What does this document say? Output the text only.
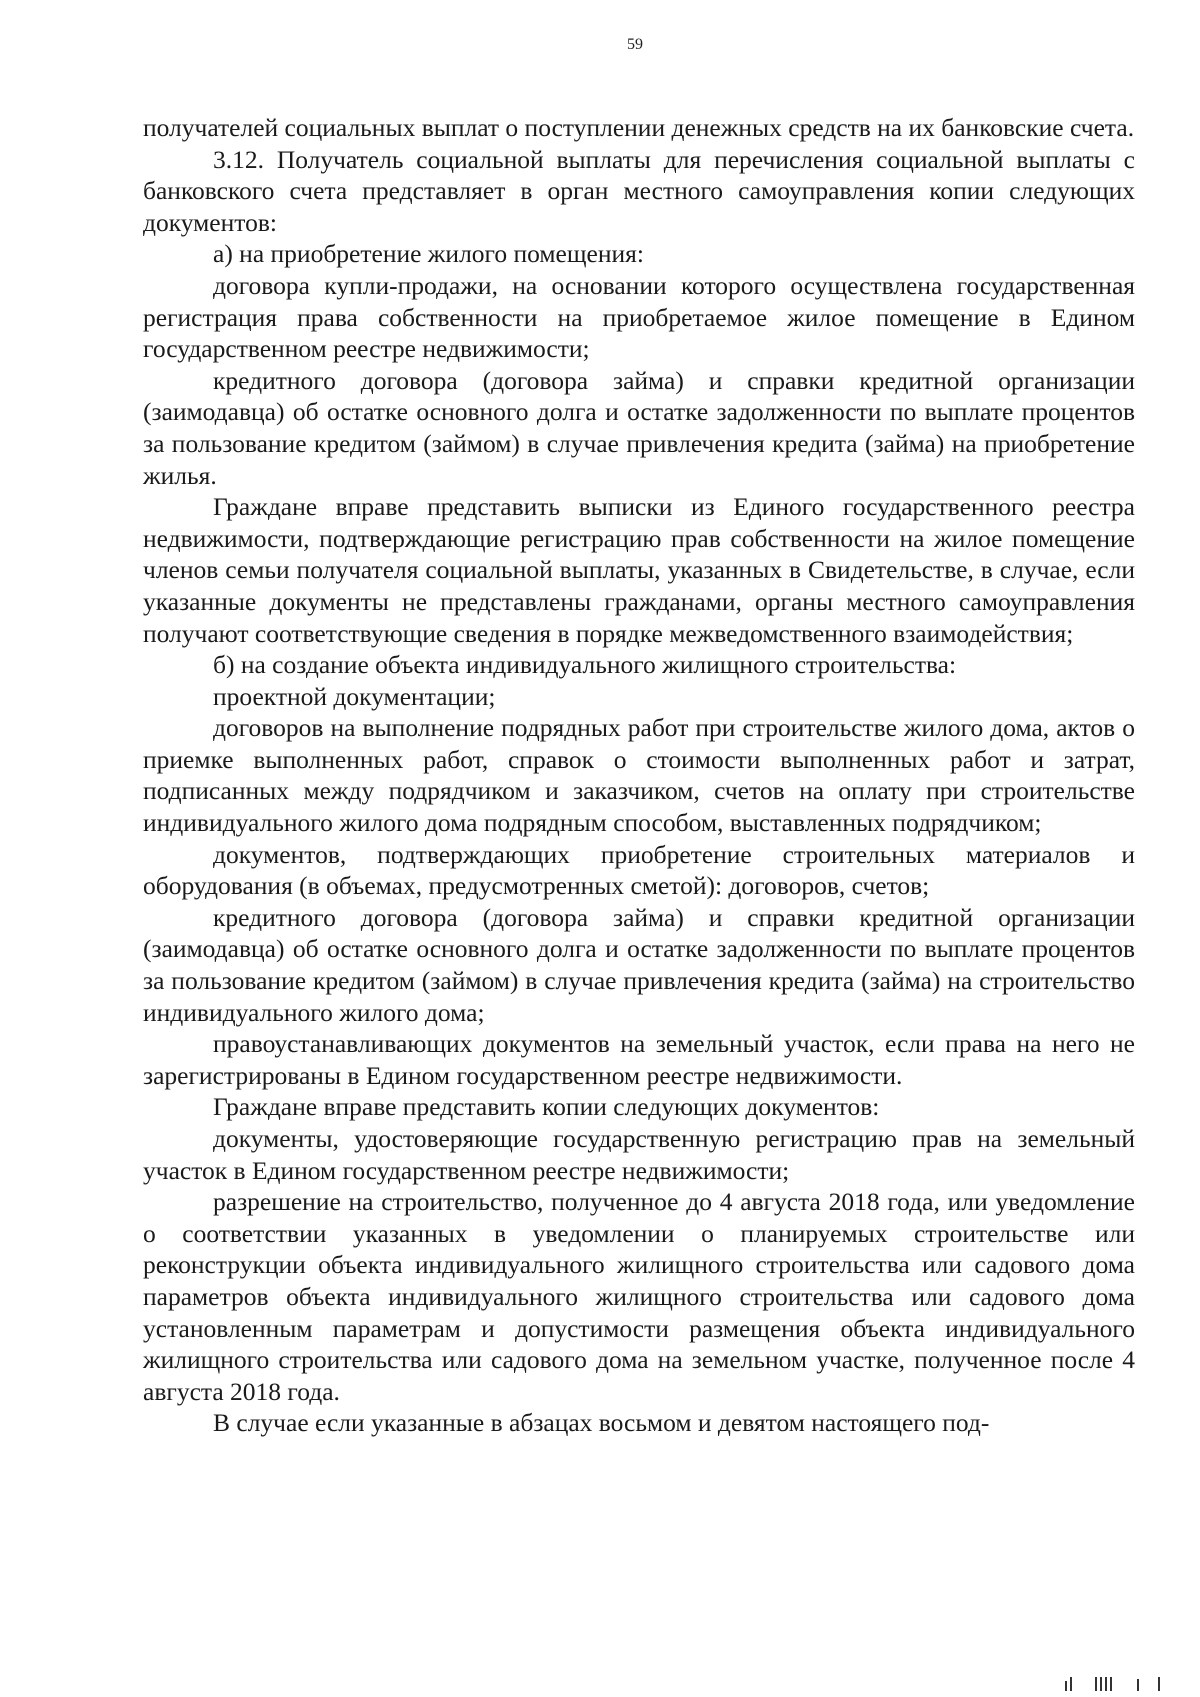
59

получателей социальных выплат о поступлении денежных средств на их банковские счета.

3.12. Получатель социальной выплаты для перечисления социальной выплаты с банковского счета представляет в орган местного самоуправления копии следующих документов:

а) на приобретение жилого помещения:

договора купли-продажи, на основании которого осуществлена государственная регистрация права собственности на приобретаемое жилое помещение в Едином государственном реестре недвижимости;

кредитного договора (договора займа) и справки кредитной организации (заимодавца) об остатке основного долга и остатке задолженности по выплате процентов за пользование кредитом (займом) в случае привлечения кредита (займа) на приобретение жилья.

Граждане вправе представить выписки из Единого государственного реестра недвижимости, подтверждающие регистрацию прав собственности на жилое помещение членов семьи получателя социальной выплаты, указанных в Свидетельстве, в случае, если указанные документы не представлены гражданами, органы местного самоуправления получают соответствующие сведения в порядке межведомственного взаимодействия;

б) на создание объекта индивидуального жилищного строительства:

проектной документации;

договоров на выполнение подрядных работ при строительстве жилого дома, актов о приемке выполненных работ, справок о стоимости выполненных работ и затрат, подписанных между подрядчиком и заказчиком, счетов на оплату при строительстве индивидуального жилого дома подрядным способом, выставленных подрядчиком;

документов, подтверждающих приобретение строительных материалов и оборудования (в объемах, предусмотренных сметой): договоров, счетов;

кредитного договора (договора займа) и справки кредитной организации (заимодавца) об остатке основного долга и остатке задолженности по выплате процентов за пользование кредитом (займом) в случае привлечения кредита (займа) на строительство индивидуального жилого дома;

правоустанавливающих документов на земельный участок, если права на него не зарегистрированы в Едином государственном реестре недвижимости.

Граждане вправе представить копии следующих документов:

документы, удостоверяющие государственную регистрацию прав на земельный участок в Едином государственном реестре недвижимости;

разрешение на строительство, полученное до 4 августа 2018 года, или уведомление о соответствии указанных в уведомлении о планируемых строительстве или реконструкции объекта индивидуального жилищного строительства или садового дома параметров объекта индивидуального жилищного строительства или садового дома установленным параметрам и допустимости размещения объекта индивидуального жилищного строительства или садового дома на земельном участке, полученное после 4 августа 2018 года.

В случае если указанные в абзацах восьмом и девятом настоящего под-
